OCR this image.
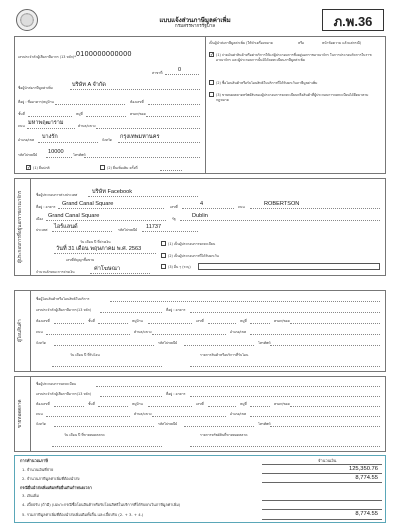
แบบแจ้งส่วนภาษีมูลค่าเพิ่ม
กรมสรรพากรรัฐบาล	ภ.พ.36
เลขประจำตัวผู้เสียภาษีอากร (13 หลัก)* 0100000000000
สาขาที่	0
ชื่อผู้นำส่งภาษีมูลค่าเพิ่ม	บริษัท A จำกัด
ที่อยู่ : ชื่ออาคาร/หมู่บ้าน	ห้องเลขที่
ชั้นที่	หมู่ที่	ตรอก/ซอย
ถนน มหาพฤฒาราม	ตำบล/แขวง
อำเภอ/เขต บางรัก	จังหวัด กรุงเทพมหานคร
รหัสไปรษณีย์ 10000	โทรศัพท์
✓ (1) ยื่นปกติ	(2) ยื่นเพิ่มเติม ครั้งที่
เป็นผู้นำส่งภาษีมูลค่าเพิ่ม (ให้ทำเครื่องหมาย	หรือ	หน้าข้อความ แล้วแต่กรณี)
✓ (1) จ่ายเงินค่าสินค้าหรือค่าบริการให้แก่ผู้ประกอบการซึ่งอยู่นอกราชอาณาจักร ในการประกอบกิจการในราชอาณาจักร และผู้ประกอบการนั้นมิได้จดทะเบียนภาษีมูลค่าเพิ่ม
(2) ซื้อโอนสินค้าหรือรับโอนสิทธิในบริการที่ได้รับยกเว้นภาษีมูลค่าเพิ่ม
(3) ขายทอดตลาดทรัพย์สินของผู้ประกอบการจดทะเบียนหรือสินค้าที่ผู้ประกอบการจดทะเบียนได้ยึดมาตามกฎหมาย
ผู้ประกอบการที่อยู่นอกราชอาณาจักร	ชื่อผู้ประกอบการต่างประเทศ	บริษัท Facebook
ที่อยู่ : อาคาร Grand Canal Square	เลขที่	4	ถนน	ROBERTSON
เมือง Grand Canal Square	รัฐ	Dublin
ประเทศ ไอร์แลนด์	รหัสไปรษณีย์ 11737
วัน เดือน ปี ที่จ่ายเงิน
วันที่ 31 เดือน พฤษภาคม พ.ศ. 2563
เลขที่สัญญาซื้อขาย
จำนวนลักษณะการจ่ายเงิน	ค่าโฆษณา
(1) เป็นผู้ประกอบการจดทะเบียน
(2) เป็นผู้ประกอบการที่ได้รับยกเว้น
(3) อื่น ๆ (ระบุ)
ผู้โอนสินค้า
ชื่อผู้โอนสินค้าหรือโอนสิทธิในบริการ
เลขประจำตัวผู้เสียภาษีอากร(13 หลัก)	ที่อยู่ : อาคาร
ห้องเลขที่	ชั้นที่	หมู่บ้าน	เลขที่	หมู่ที่	ตรอก/ซอย
ถนน	ตำบล/แขวง	อำเภอ/เขต
จังหวัด	รหัสไปรษณีย์	โทรศัพท์
วัน เดือน ปี ที่รับโอน	รายการสินค้าหรือบริการที่รับโอน
ขายทอดตลาด
ชื่อผู้ประกอบการจดทะเบียน
เลขประจำตัวผู้เสียภาษีอากร(13 หลัก)	ที่อยู่ : อาคาร
ห้องเลขที่	ชั้นที่	หมู่บ้าน	เลขที่	หมู่ที่	ตรอก/ซอย
ถนน	ตำบล/แขวง	อำเภอ/เขต
จังหวัด	รหัสไปรษณีย์	โทรศัพท์
วัน เดือน ปี ที่ขายทอดตลาด	รายการทรัพย์สินที่ขายทอดตลาด
การคำนวณภาษี	จำนวนเงิน
1. จำนวนเงินที่จ่าย	125,350.76
2. จำนวนภาษีมูลค่าเพิ่มที่ต้องนำส่ง	8,774.55
กรณียื่นนำส่งเพิ่มเติมหรือยื่นเกินกำหนดเวลา
3. เงินเพิ่ม
4. เบี้ยปรับ (ถ้ามี) (เฉพาะกรณีซื้อโอนสินค้าหรือรับโอนสิทธิในบริการที่ได้รับยกเว้นภาษีมูลค่าเพิ่ม)
5. รวมภาษีมูลค่าเพิ่มที่ต้องนำส่งเพิ่มเติมทั้งสิ้น และเบี้ยปรับ (2. + 3. + 4.)	8,774.55
